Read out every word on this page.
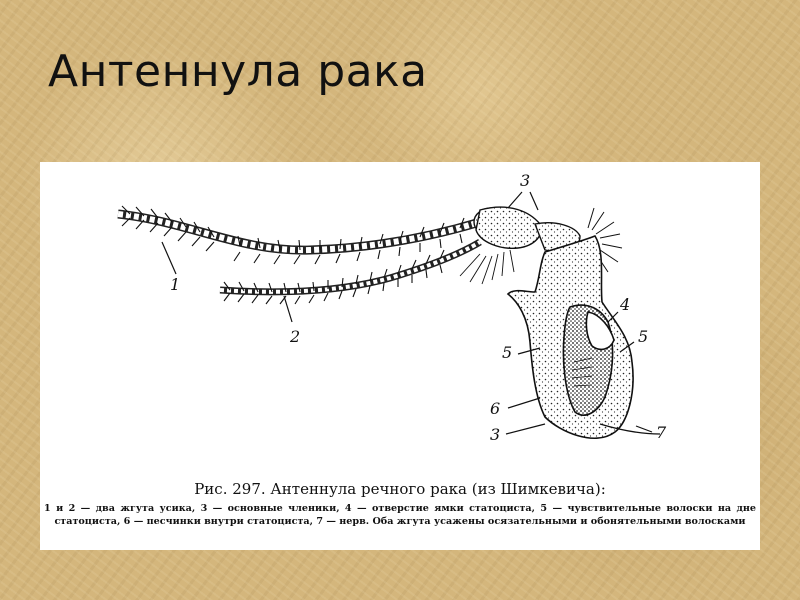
Антеннула рака
1
2
3
4
5
5
6
3	7

Рис. 297. Антеннула речного рака (из Шимкевича):

1 и 2 — два жгута усика, 3 — основные членики, 4 — отверстие ямки статоциста, 5 — чувствительные волоски на дне статоциста, 6 — песчинки внутри статоциста, 7 — нерв. Оба жгута усажены осязательными и обонятельными волосками
